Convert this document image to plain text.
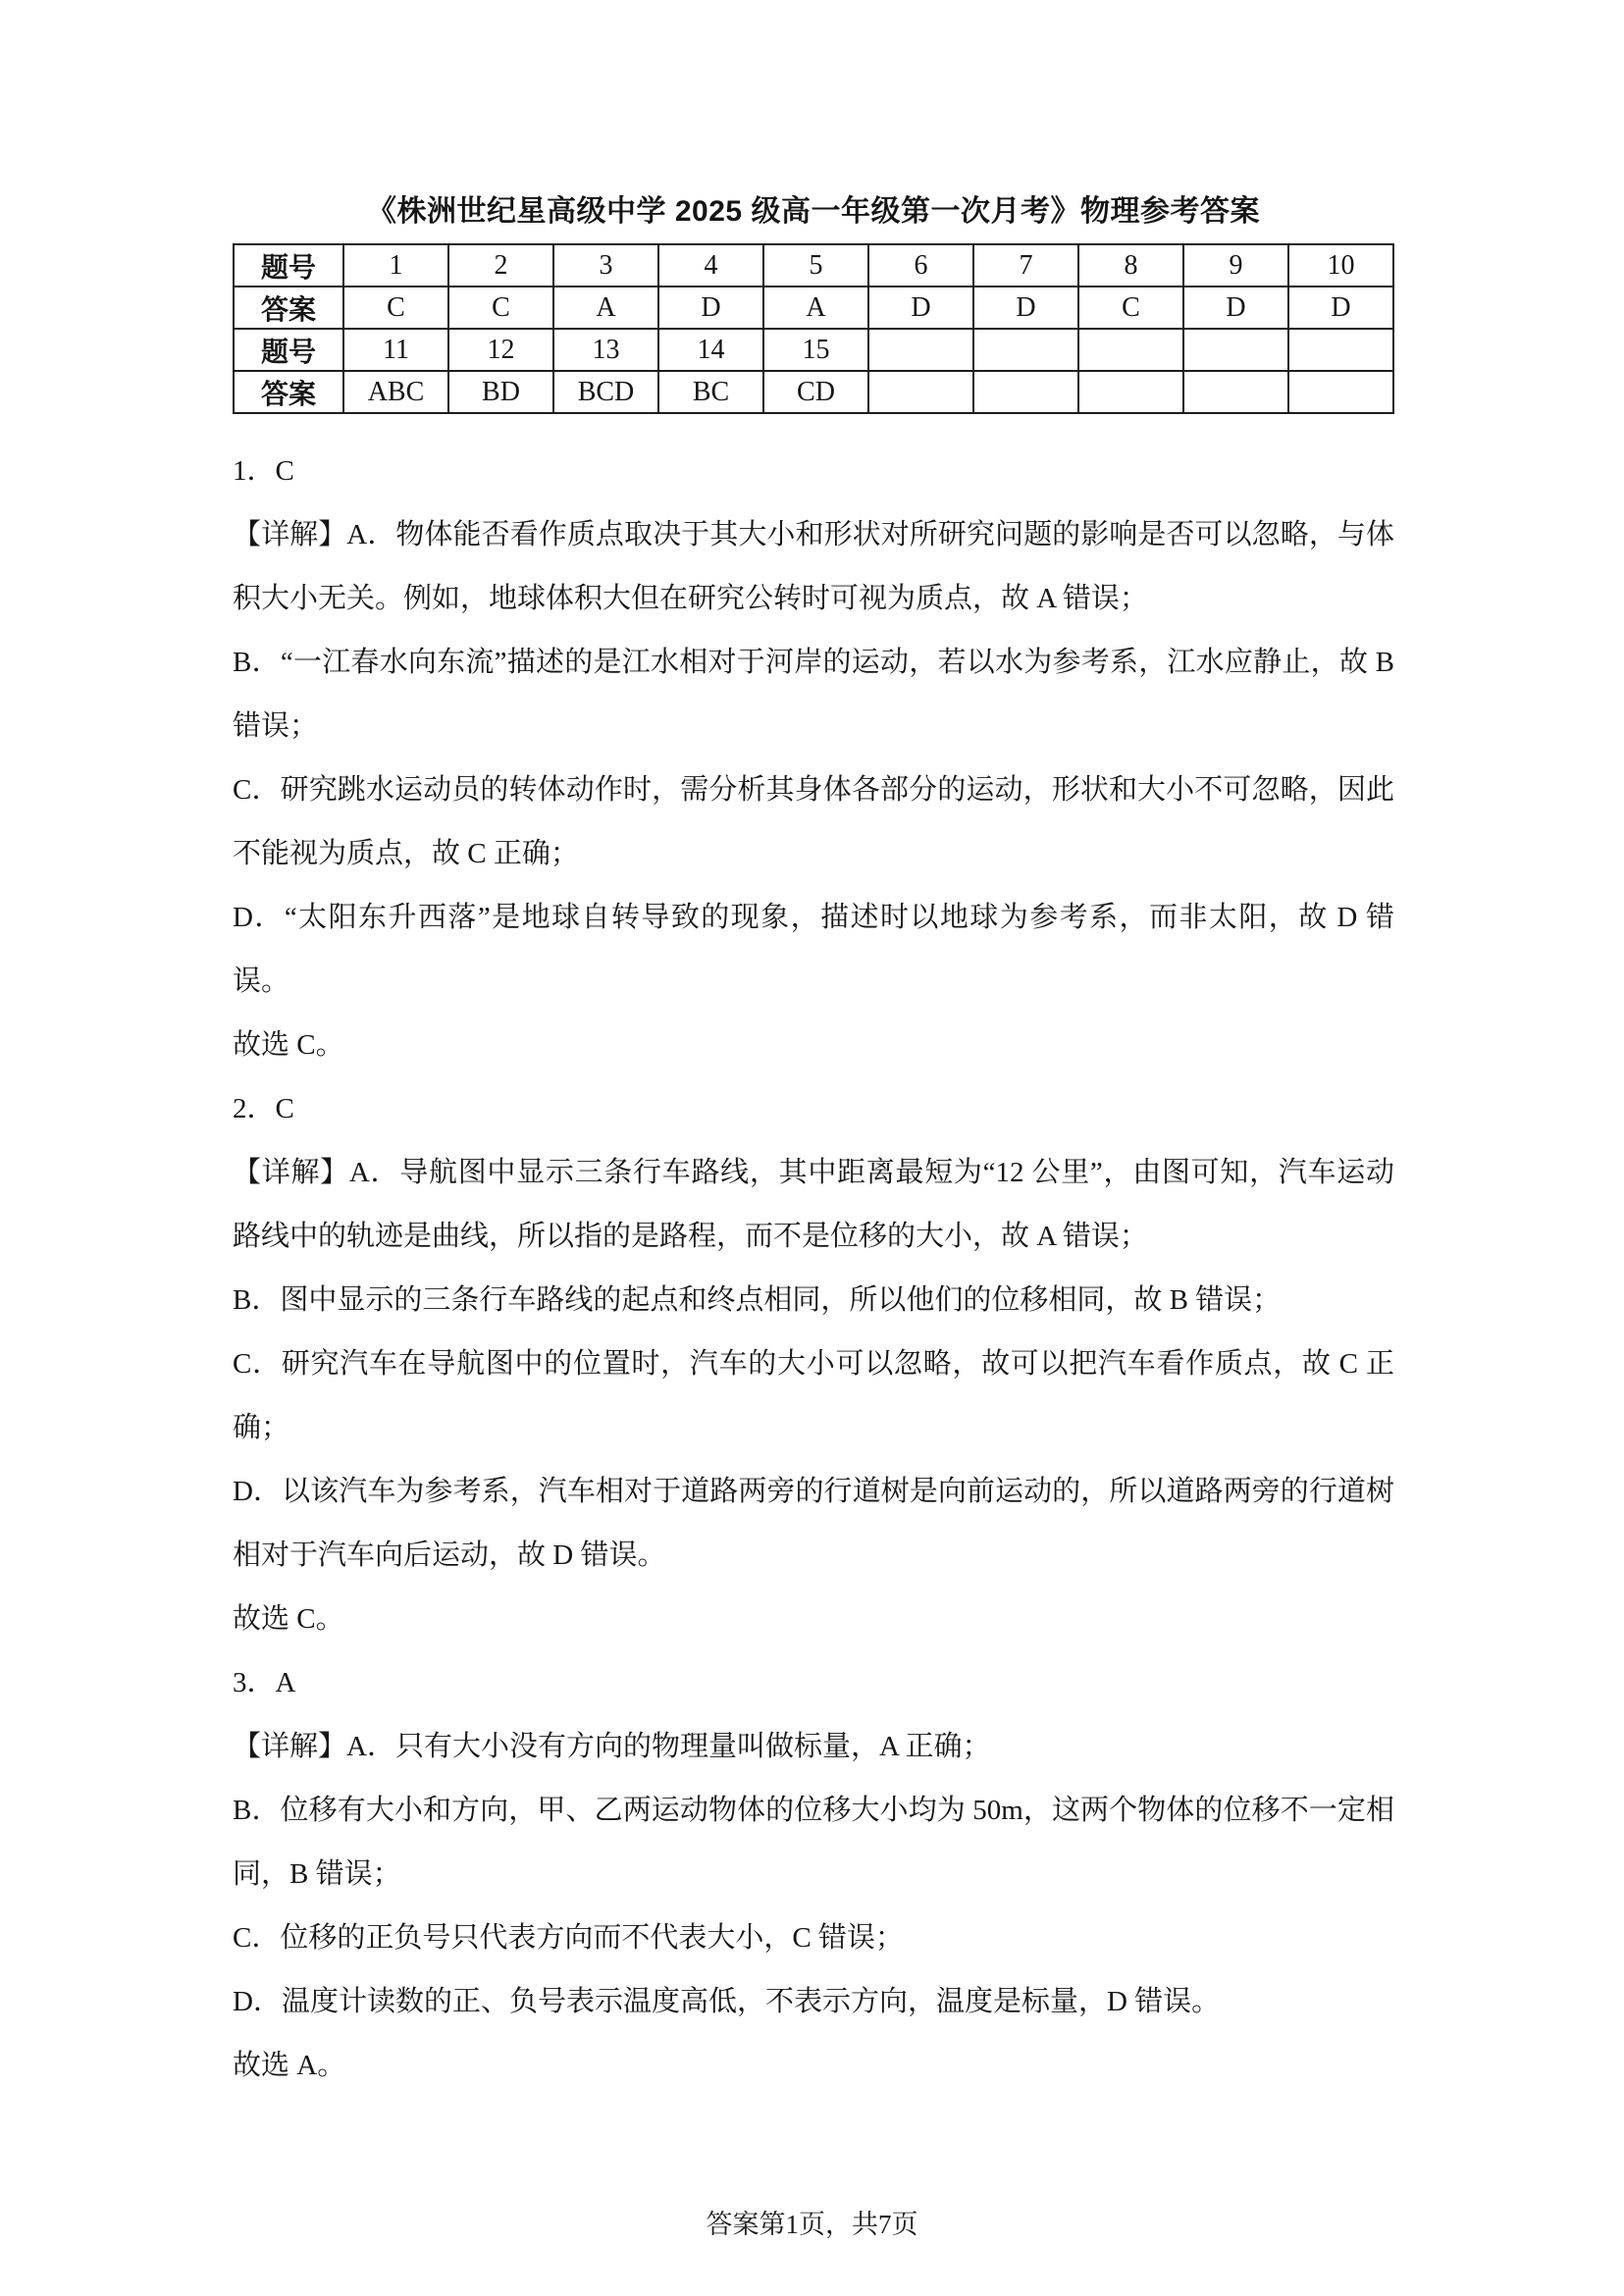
《株洲世纪星高级中学 2025 级高一年级第一次月考》物理参考答案
题号	1	2	3	4	5	6	7	8	9	10
答案	C	C	A	D	A	D	D	C	D	D
题号	11	12	13	14	15					
答案	ABC	BD	BCD	BC	CD					

1．C

【详解】A．物体能否看作质点取决于其大小和形状对所研究问题的影响是否可以忽略，与体积大小无关。例如，地球体积大但在研究公转时可视为质点，故 A 错误；

B．“一江春水向东流”描述的是江水相对于河岸的运动，若以水为参考系，江水应静止，故 B 错误；

C．研究跳水运动员的转体动作时，需分析其身体各部分的运动，形状和大小不可忽略，因此不能视为质点，故 C 正确；

D．“太阳东升西落”是地球自转导致的现象，描述时以地球为参考系，而非太阳，故 D 错误。

故选 C。

2．C

【详解】A．导航图中显示三条行车路线，其中距离最短为“12 公里”，由图可知，汽车运动路线中的轨迹是曲线，所以指的是路程，而不是位移的大小，故 A 错误；

B．图中显示的三条行车路线的起点和终点相同，所以他们的位移相同，故 B 错误；

C．研究汽车在导航图中的位置时，汽车的大小可以忽略，故可以把汽车看作质点，故 C 正确；

D．以该汽车为参考系，汽车相对于道路两旁的行道树是向前运动的，所以道路两旁的行道树相对于汽车向后运动，故 D 错误。

故选 C。

3．A

【详解】A．只有大小没有方向的物理量叫做标量，A 正确；

B．位移有大小和方向，甲、乙两运动物体的位移大小均为 50m，这两个物体的位移不一定相同，B 错误；

C．位移的正负号只代表方向而不代表大小，C 错误；

D．温度计读数的正、负号表示温度高低，不表示方向，温度是标量，D 错误。

故选 A。

答案第1页，共7页
